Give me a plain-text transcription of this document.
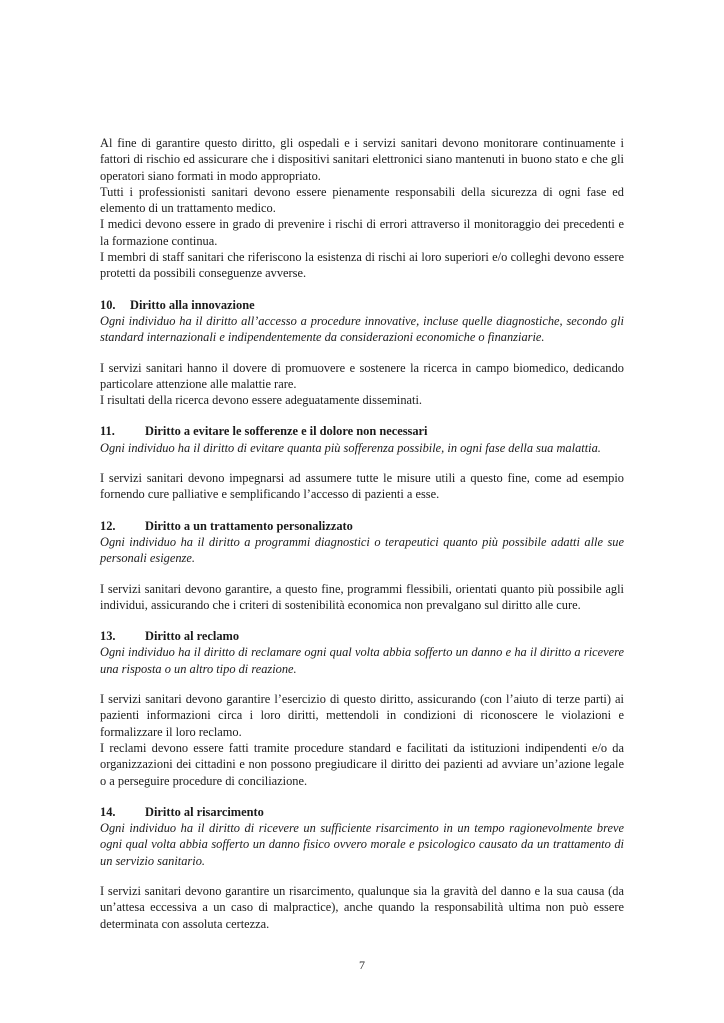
Al fine di garantire questo diritto, gli ospedali e i servizi sanitari devono monitorare continuamente i fattori di rischio ed assicurare che i dispositivi sanitari elettronici siano mantenuti in buono stato e che gli operatori siano formati in modo appropriato.

Tutti i professionisti sanitari devono essere pienamente responsabili della sicurezza di ogni fase ed elemento di un trattamento medico.

I medici devono essere in grado di prevenire i rischi di errori attraverso il monitoraggio dei precedenti e la formazione continua.

I membri di staff sanitari che riferiscono la esistenza di rischi ai loro superiori e/o colleghi devono essere protetti da possibili conseguenze avverse.

10.	Diritto alla innovazione

Ogni individuo ha il diritto all’accesso a procedure innovative, incluse quelle diagnostiche, secondo gli standard internazionali e indipendentemente da considerazioni economiche o finanziarie.

I servizi sanitari hanno il dovere di promuovere e sostenere la ricerca in campo biomedico, dedicando particolare attenzione alle malattie rare.

I risultati della ricerca devono essere adeguatamente disseminati.

11.	Diritto a evitare le sofferenze e il dolore non necessari

Ogni individuo ha il diritto di evitare quanta più sofferenza possibile, in ogni fase della sua malattia.

I servizi sanitari devono impegnarsi ad assumere tutte le misure utili a questo fine, come ad esempio fornendo cure palliative e semplificando l’accesso di pazienti a esse.

12.	Diritto a un trattamento personalizzato

Ogni individuo ha il diritto a programmi diagnostici o terapeutici quanto più possibile adatti alle sue personali esigenze.

I servizi sanitari devono garantire, a questo fine, programmi flessibili, orientati quanto più possibile agli individui, assicurando che i criteri di sostenibilità economica non prevalgano sul diritto alle cure.

13.	Diritto al reclamo

Ogni individuo ha il diritto di reclamare ogni qual volta abbia sofferto un danno e ha il diritto a ricevere una risposta o un altro tipo di reazione.

I servizi sanitari devono garantire l’esercizio di questo diritto, assicurando (con l’aiuto di terze parti) ai pazienti informazioni circa i loro diritti, mettendoli in condizioni di riconoscere le violazioni e formalizzare il loro reclamo.

I reclami devono essere fatti tramite procedure standard e facilitati da istituzioni indipendenti e/o da organizzazioni dei cittadini e non possono pregiudicare il diritto dei pazienti ad avviare un’azione legale o a perseguire procedure di conciliazione.

14.	Diritto al risarcimento

Ogni individuo ha il diritto di ricevere un sufficiente risarcimento in un tempo ragionevolmente breve ogni qual volta abbia sofferto un danno fisico ovvero morale e psicologico causato da un trattamento di un servizio sanitario.

I servizi sanitari devono garantire un risarcimento, qualunque sia la gravità del danno e la sua causa (da un’attesa eccessiva a un caso di malpractice), anche quando la responsabilità ultima non può essere determinata con assoluta certezza.

7
